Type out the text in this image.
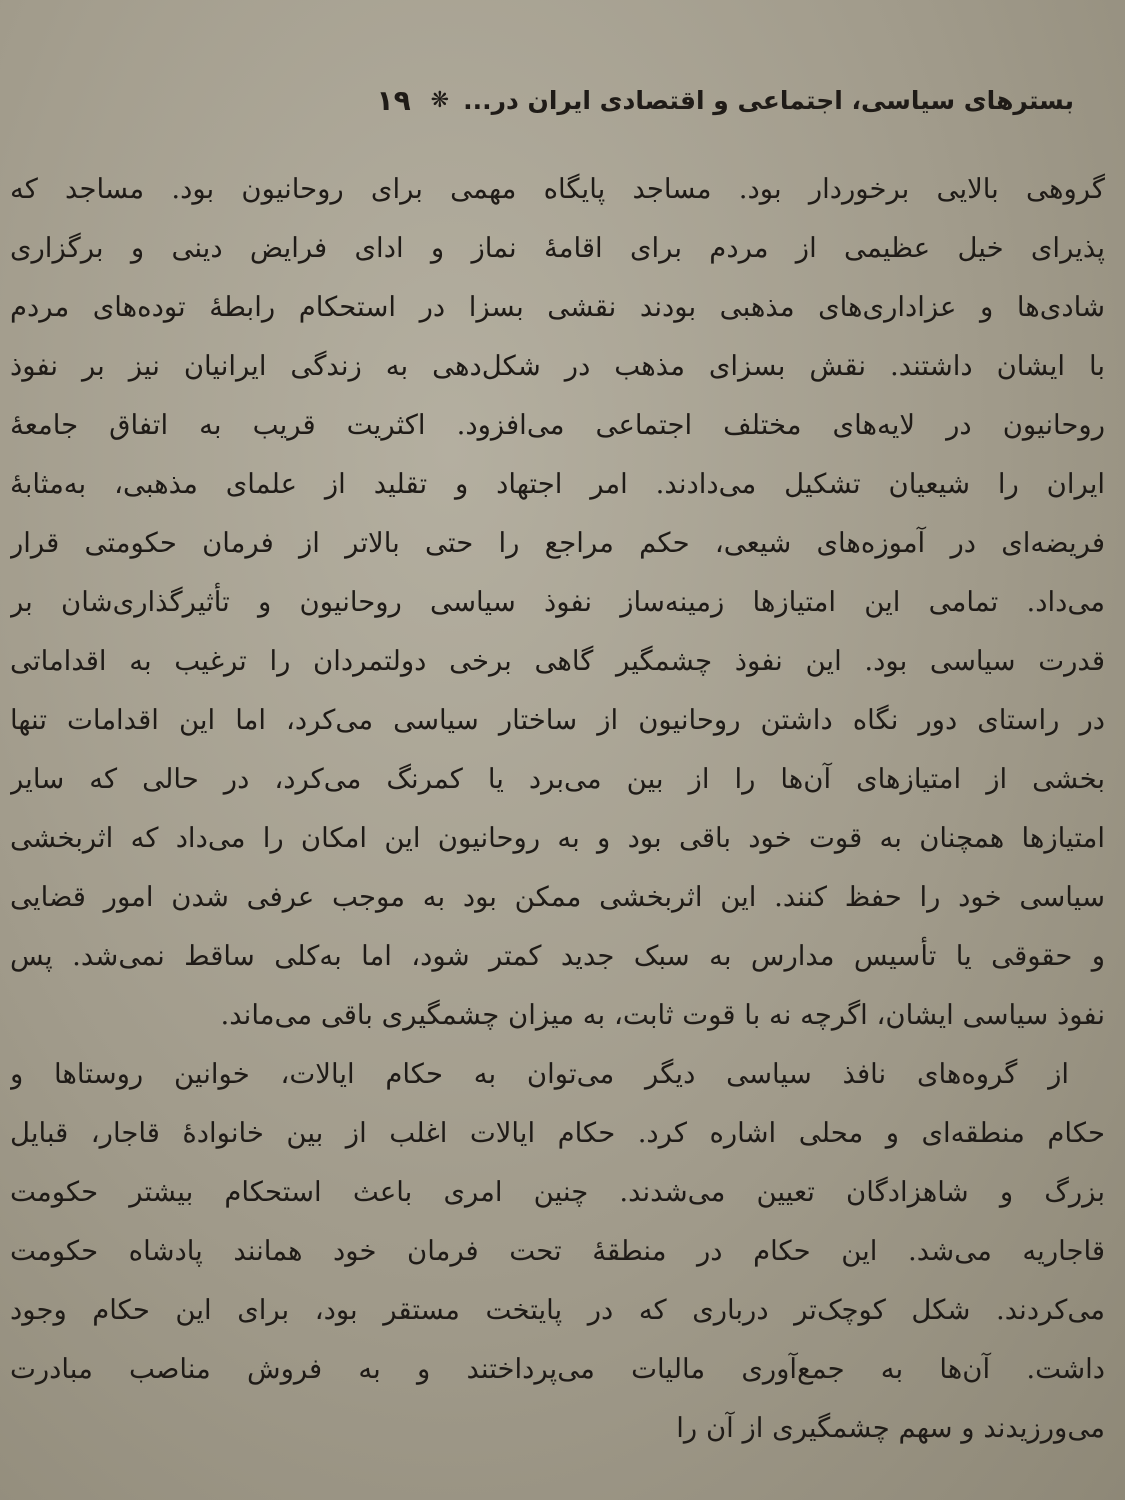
بسترهای سیاسی، اجتماعی و اقتصادی ایران در...
❋
۱۹
گروهی بالایی برخوردار بود. مساجد پایگاه مهمی برای روحانیون بود. مساجد که
پذیرای خیل عظیمی از مردم برای اقامهٔ نماز و ادای فرایض دینی و برگزاری
شادی‌ها و عزاداری‌های مذهبی بودند نقشی بسزا در استحکام رابطهٔ توده‌های مردم
با ایشان داشتند. نقش بسزای مذهب در شکل‌دهی به زندگی ایرانیان نیز بر نفوذ
روحانیون در لایه‌های مختلف اجتماعی می‌افزود. اکثریت قریب به اتفاق جامعهٔ
ایران را شیعیان تشکیل می‌دادند. امر اجتهاد و تقلید از علمای مذهبی، به‌مثابهٔ
فریضه‌ای در آموزه‌های شیعی، حکم مراجع را حتی بالاتر از فرمان حکومتی قرار
می‌داد. تمامی این امتیازها زمینه‌ساز نفوذ سیاسی روحانیون و تأثیرگذاری‌شان بر
قدرت سیاسی بود. این نفوذ چشمگیر گاهی برخی دولتمردان را ترغیب به اقداماتی
در راستای دور نگاه داشتن روحانیون از ساختار سیاسی می‌کرد، اما این اقدامات تنها
بخشی از امتیازهای آن‌ها را از بین می‌برد یا کمرنگ می‌کرد، در حالی که سایر
امتیازها همچنان به قوت خود باقی بود و به روحانیون این امکان را می‌داد که اثربخشی
سیاسی خود را حفظ کنند. این اثربخشی ممکن بود به موجب عرفی شدن امور قضایی
و حقوقی یا تأسیس مدارس به سبک جدید کمتر شود، اما به‌کلی ساقط نمی‌شد. پس
نفوذ سیاسی ایشان، اگرچه نه با قوت ثابت، به میزان چشمگیری باقی می‌ماند.
از گروه‌های نافذ سیاسی دیگر می‌توان به حکام ایالات، خوانین روستاها و
حکام منطقه‌ای و محلی اشاره کرد. حکام ایالات اغلب از بین خانوادهٔ قاجار، قبایل
بزرگ و شاهزادگان تعیین می‌شدند. چنین امری باعث استحکام بیشتر حکومت
قاجاریه می‌شد. این حکام در منطقهٔ تحت فرمان خود همانند پادشاه حکومت
می‌کردند. شکل کوچک‌تر درباری که در پایتخت مستقر بود، برای این حکام وجود
داشت. آن‌ها به جمع‌آوری مالیات می‌پرداختند و به فروش مناصب مبادرت
می‌ورزیدند و سهم چشمگیری از آن را
